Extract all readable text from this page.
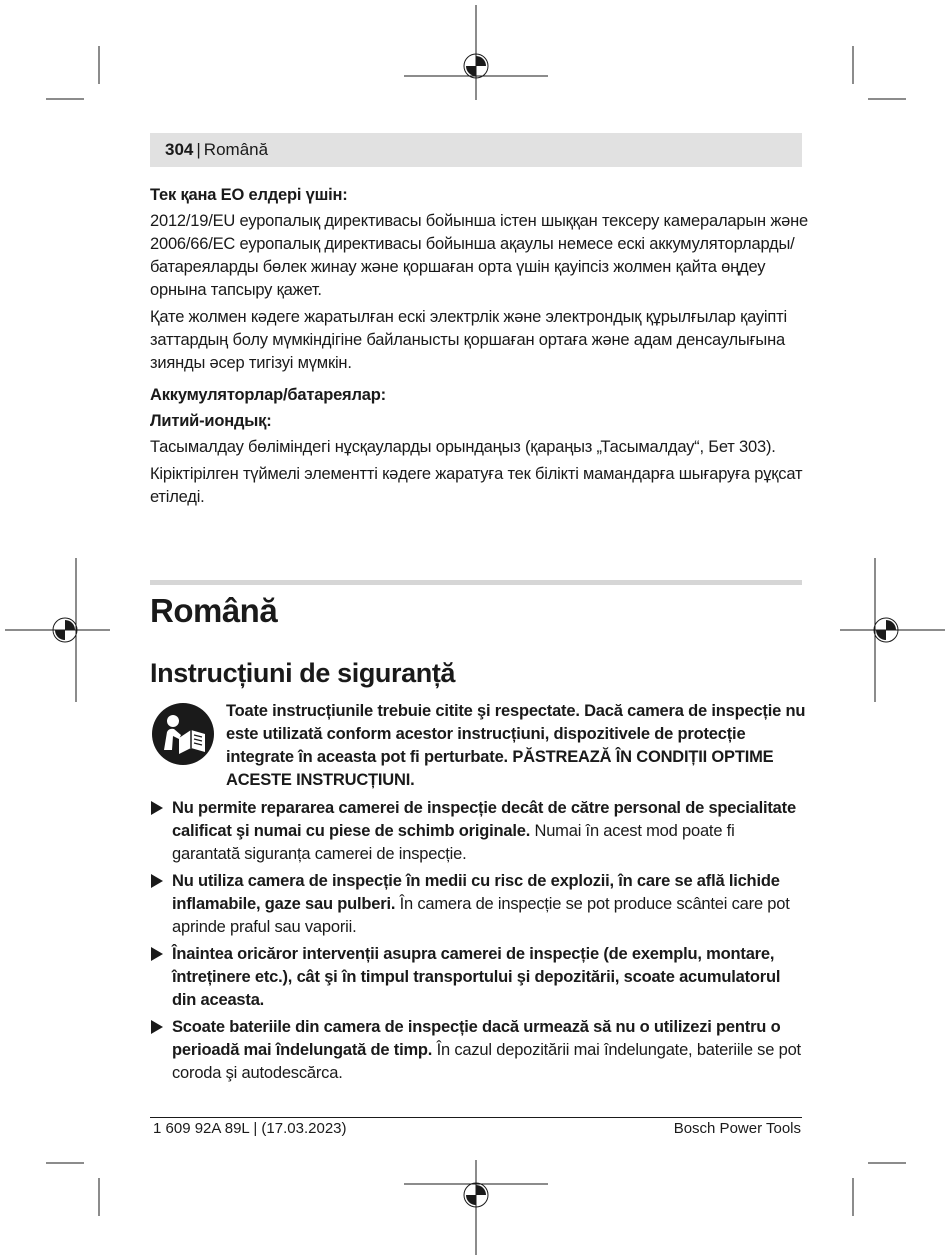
304 | Română

Тек қана ЕО елдері үшін:

2012/19/EU еуропалық директивасы бойынша істен шыққан тексеру камераларын және 2006/66/ЕС еуропалық директивасы бойынша ақаулы немесе ескі аккумуляторларды/батареяларды бөлек жинау және қоршаған орта үшін қауіпсіз жолмен қайта өңдеу орнына тапсыру қажет.

Қате жолмен кәдеге жаратылған ескі электрлік және электрондық құрылғылар қауіпті заттардың болу мүмкіндігіне байланысты қоршаған ортаға және адам денсаулығына зиянды әсер тигізуі мүмкін.

Аккумуляторлар/батареялар:

Литий-иондық:

Тасымалдау бөліміндегі нұсқауларды орындаңыз (қараңыз „Тасымалдау“, Бет 303).

Кіріктірілген түймелі элементті кәдеге жаратуға тек білікті мамандарға шығаруға рұқсат етіледі.

Română
Instrucțiuni de siguranță
Toate instrucțiunile trebuie citite şi respectate. Dacă camera de inspecție nu este utilizată conform acestor instrucțiuni, dispozitivele de protecție integrate în aceasta pot fi perturbate. PĂSTREAZĂ ÎN CONDIȚII OPTIME ACESTE INSTRUCȚIUNI.
Nu permite repararea camerei de inspecție decât de către personal de specialitate calificat şi numai cu piese de schimb originale. Numai în acest mod poate fi garantată siguranța camerei de inspecție.
Nu utiliza camera de inspecție în medii cu risc de explozii, în care se află lichide inflamabile, gaze sau pulberi. În camera de inspecție se pot produce scântei care pot aprinde praful sau vaporii.
Înaintea oricăror intervenții asupra camerei de inspecție (de exemplu, montare, întreținere etc.), cât şi în timpul transportului şi depozitării, scoate acumulatorul din aceasta.
Scoate bateriile din camera de inspecție dacă urmează să nu o utilizezi pentru o perioadă mai îndelungată de timp. În cazul depozitării mai îndelungate, bateriile se pot coroda şi autodescărca.
1 609 92A 89L | (17.03.2023)	Bosch Power Tools
